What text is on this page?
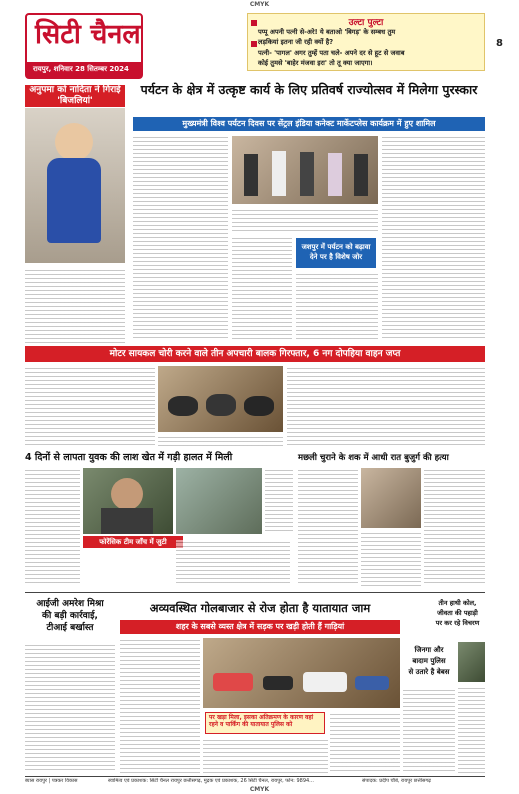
CMYK
सिटी चैनल
रायपुर, शनिवार 28 सितम्बर 2024
उल्टा पुल्टा
पप्पू अपनी पत्नी से-अरे! ये बताओ 'बिगड़' के सम्बध तुम
लड़कियां इतना जी रही क्यों है?
पत्नी- 'पागल' अगर तुम्हें पता चले- अपने दर से हूट से जवाब
कोई तुमसे 'बाहेर मंजवा इरा' तो तू क्या जाएगा।
8
अनुपमा को नादिता ने गिराई 'बिजलियां'
पर्यटन के क्षेत्र में उत्कृष्ट कार्य के लिए प्रतिवर्ष राज्योत्सव में मिलेगा पुरस्कार
मुख्यमंत्री विश्व पर्यटन दिवस पर सेंट्रल इंडिया कनेक्ट मार्केटप्लेस कार्यक्रम में हुए शामिल
जशपुर में पर्यटन को बढ़ावा देने पर है विशेष जोर
मोटर सायकल चोरी करने वाले तीन अपचारी बालक गिरफ्तार, 6 नग दोपहिया वाहन जप्त
4 दिनों से लापता युवक की लाश खेत में गड़ी हालत में मिली
फोरेंसिक टीम जाँच में जुटी
मछली चुराने के शक में आधी रात बुजुर्ग की हत्या
आईजी अमरेश मिश्रा
की बड़ी कार्रवाई,
टीआई बर्खास्त
अव्यवस्थित गोलबाजार से रोज होता है यातायात जाम
शहर के सबसे व्यस्त क्षेत्र में सड़क पर खड़ी होती हैं गाड़ियां
पर खड़ा मिला, इसका अतिक्रमण के कारण वहां रहने व पार्किंग की यातायात पुलिस को
जिनगा और
बादाम पुलिस
से उतारे है बेबस
तीन हाथी कोल,
जीवता की पहाड़ी
पर कर रहे विचरण
ब्यास रायपुर | पत्रकर विकास	स्वामित्व एवं प्रकाशक: सिटी चैनल रायपुर छत्तीसगढ़, मुद्रक एवं प्रकाशक, 26 सिटी चैनल, रायपुर, फोन: 9894...	संपादक: प्रदीप चौबे, रायपुर छत्तीसगढ़
CMYK
